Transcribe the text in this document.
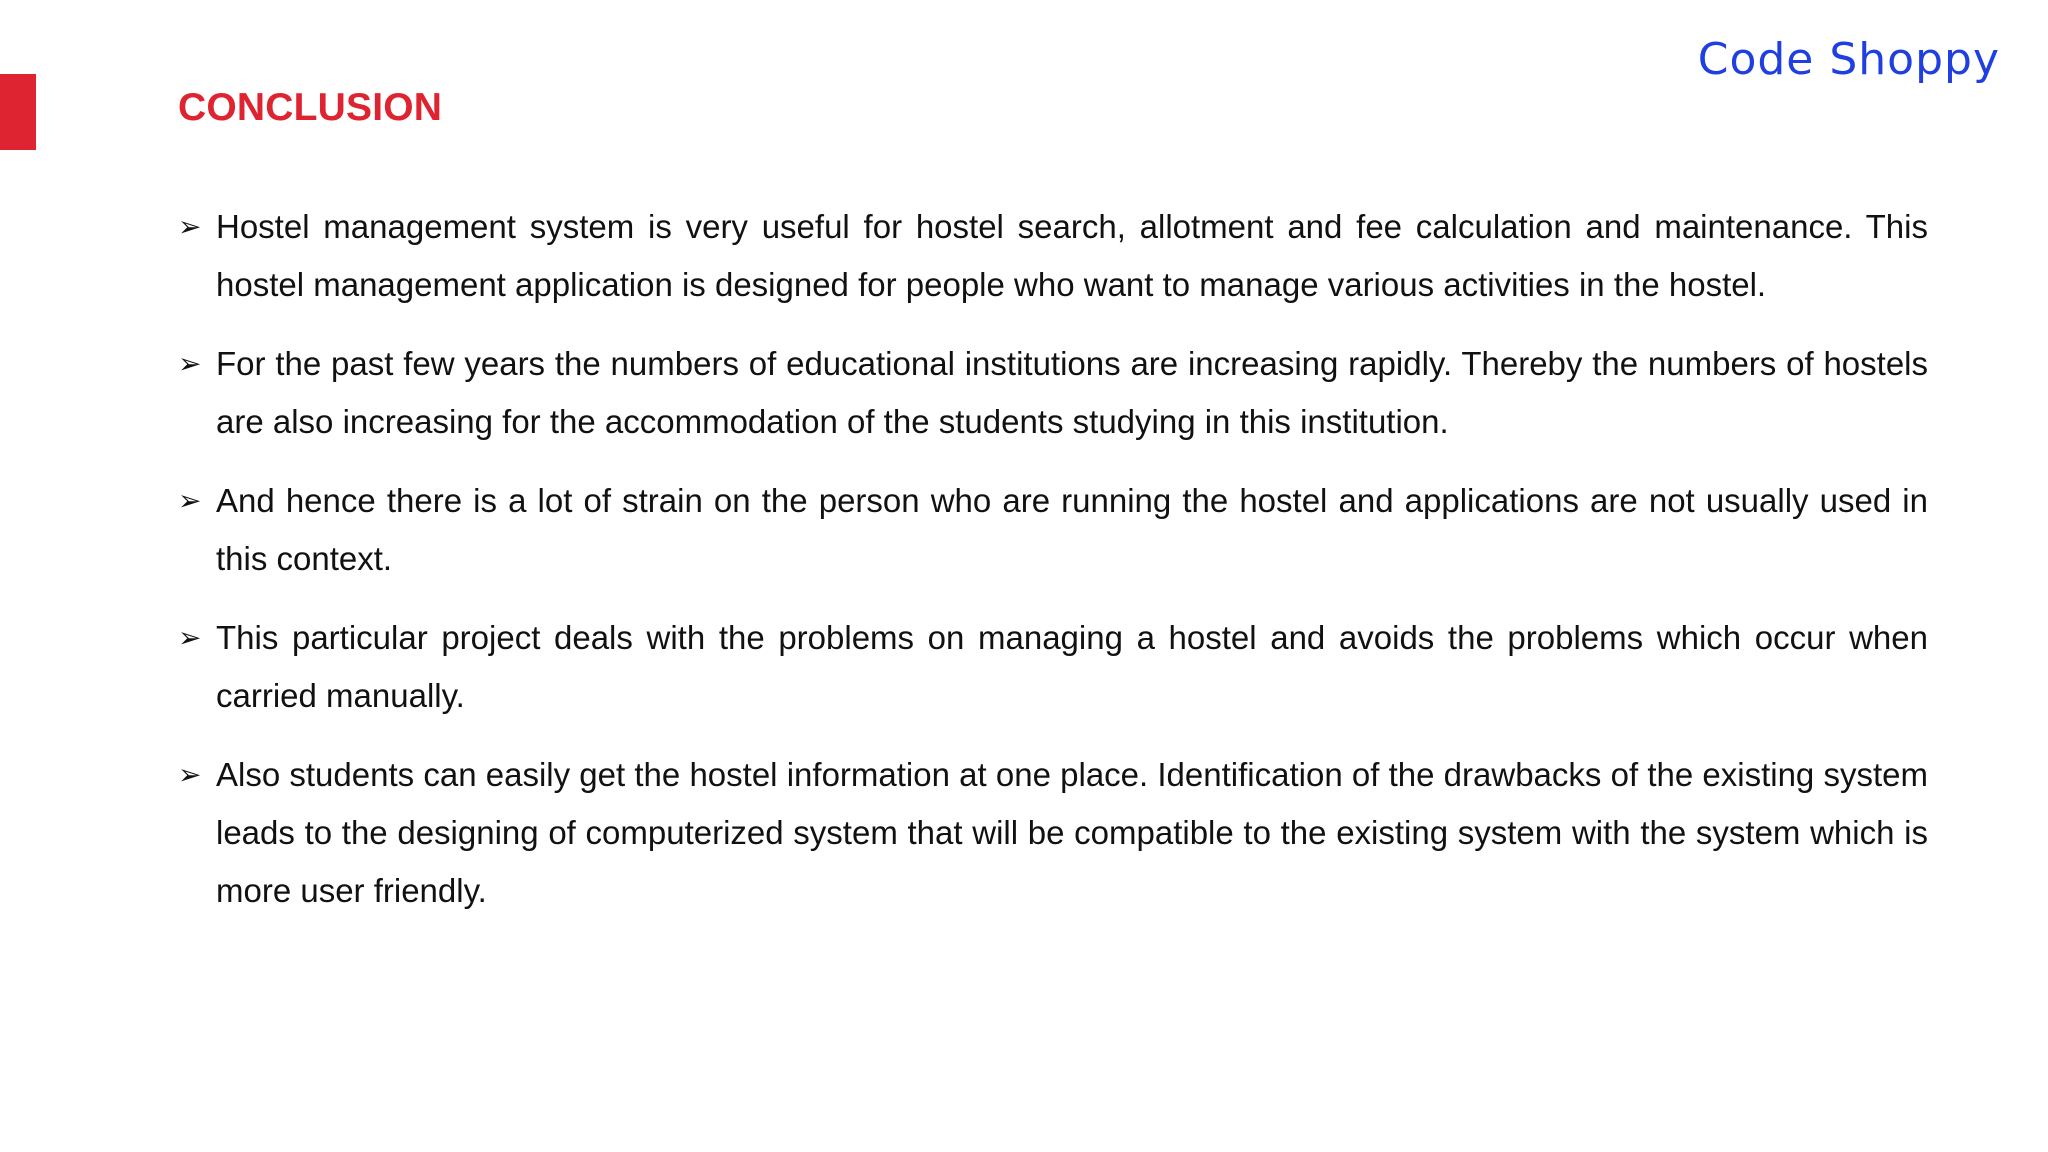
CONCLUSION
Code Shoppy
➢ Hostel management system is very useful for hostel search, allotment and fee calculation and maintenance. This hostel management application is designed for people who want to manage various activities in the hostel.
➢ For the past few years the numbers of educational institutions are increasing rapidly. Thereby the numbers of hostels are also increasing for the accommodation of the students studying in this institution.
➢ And hence there is a lot of strain on the person who are running the hostel and applications are not usually used in this context.
➢ This particular project deals with the problems on managing a hostel and avoids the problems which occur when carried manually.
➢ Also students can easily get the hostel information at one place. Identification of the drawbacks of the existing system leads to the designing of computerized system that will be compatible to the existing system with the system which is more user friendly.
